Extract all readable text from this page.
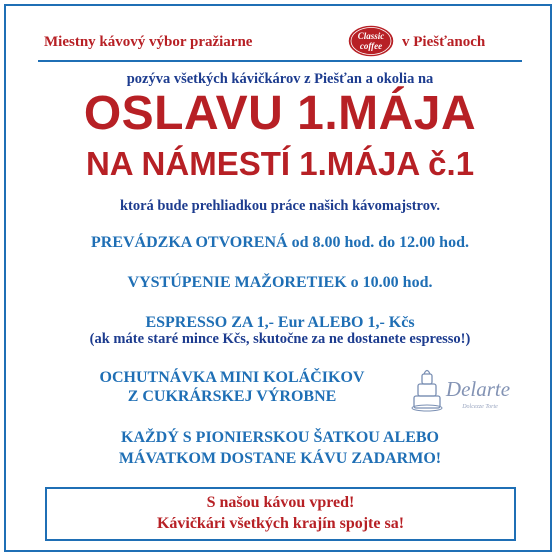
Miestny kávový výbor pražiarne	Classic
coffee v Piešťanoch
pozýva všetkých kávičkárov z Piešťan a okolia na
OSLAVU 1.MÁJA
NA NÁMESTÍ 1.MÁJA č.1
ktorá bude prehliadkou práce našich kávomajstrov.
PREVÁDZKA OTVORENÁ od 8.00 hod. do 12.00 hod.
VYSTÚPENIE MAŽORETIEK o 10.00 hod.
ESPRESSO ZA 1,- Eur ALEBO 1,- Kčs
(ak máte staré mince Kčs, skutočne za ne dostanete espresso!)
OCHUTNÁVKA MINI KOLÁČIKOV
Z CUKRÁRSKEJ VÝROBNE	Delarte
Dolcezze Torte
KAŽDÝ S PIONIERSKOU ŠATKOU ALEBO
MÁVATKOM DOSTANE KÁVU ZADARMO!
S našou kávou vpred!
Kávičkári všetkých krajín spojte sa!
